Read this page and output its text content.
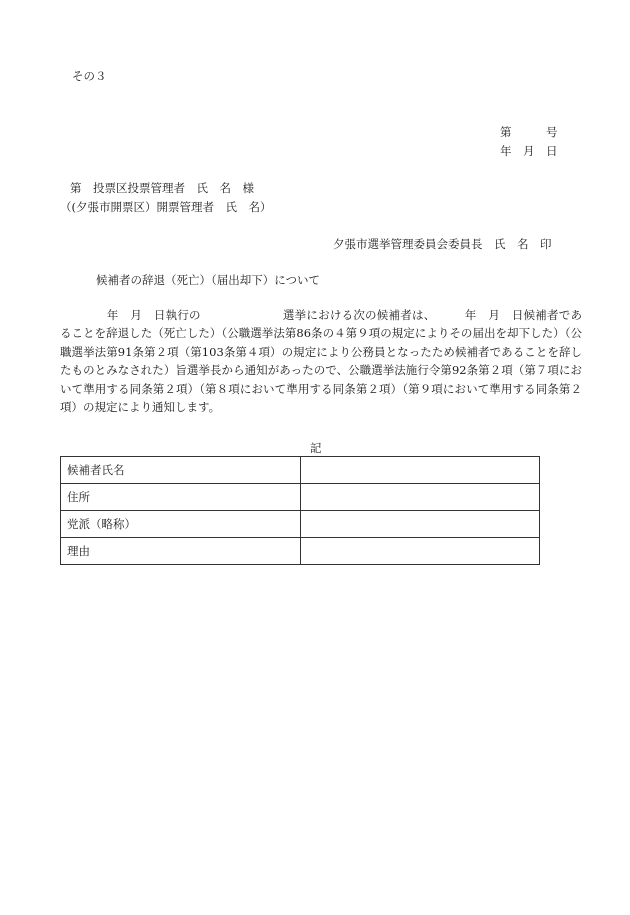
その３
第　　　号
年　月　日
第　投票区投票管理者　氏　名　様
（(夕張市開票区）開票管理者　氏　名）
夕張市選挙管理委員会委員長　氏　名　印
候補者の辞退（死亡）（届出却下）について

　　　　年　月　日執行の　　　　　　　選挙における次の候補者は、　　　年　月　日候補者であることを辞退した（死亡した）（公職選挙法第86条の４第９項の規定によりその届出を却下した）（公職選挙法第91条第２項（第103条第４項）の規定により公務員となったため候補者であることを辞したものとみなされた）旨選挙長から通知があったので、公職選挙法施行令第92条第２項（第７項において準用する同条第２項）（第８項において準用する同条第２項）（第９項において準用する同条第２項）の規定により通知します。

記
候補者氏名	
住所	
党派（略称）	
理由	
